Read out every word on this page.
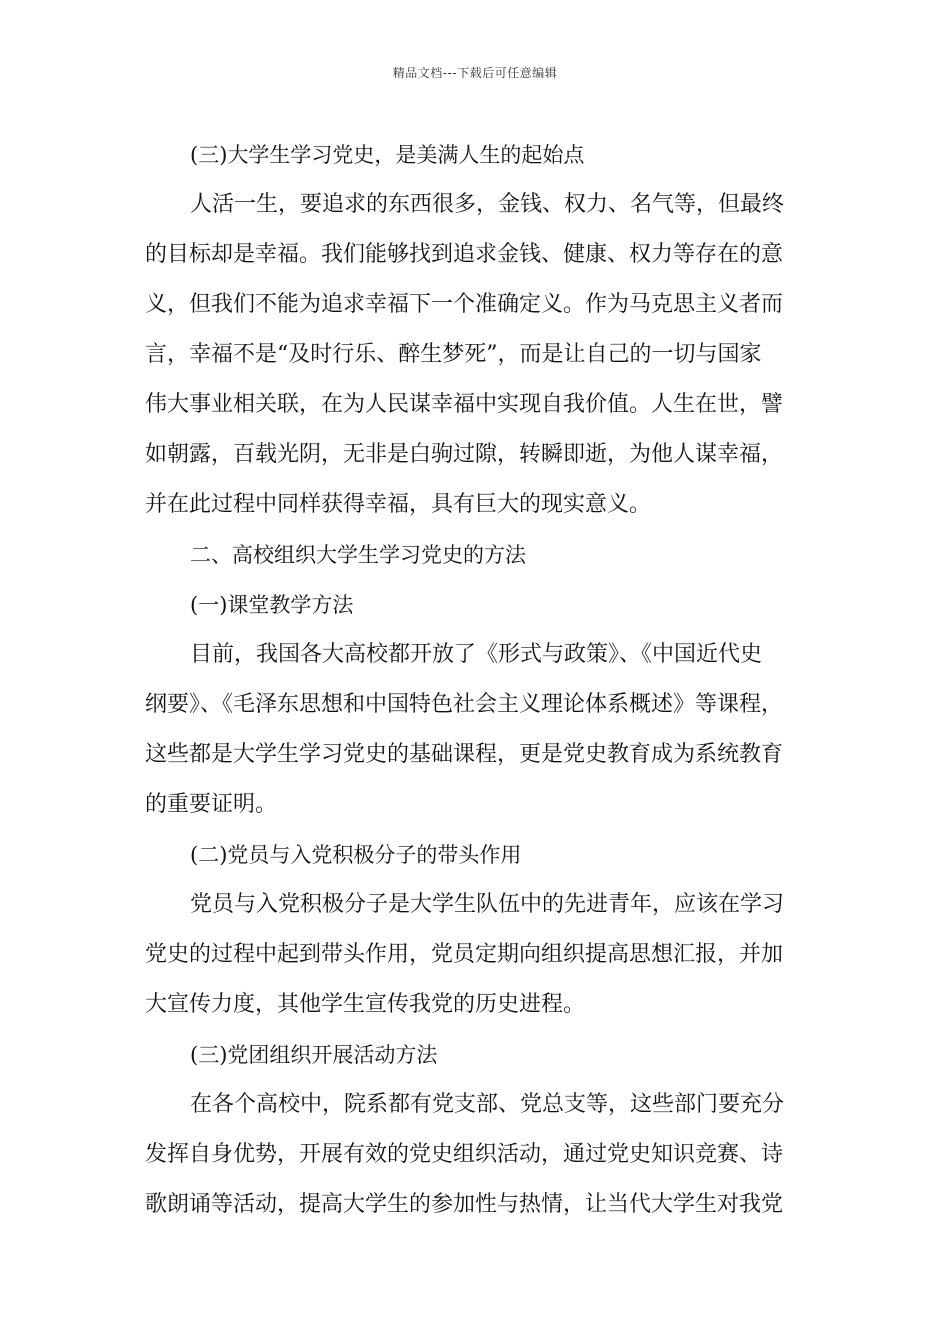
精品文档---下载后可任意编辑
(三)大学生学习党史，是美满人生的起始点
人活一生，要追求的东西很多，金钱、权力、名气等，但最终
的目标却是幸福。我们能够找到追求金钱、健康、权力等存在的意
义，但我们不能为追求幸福下一个准确定义。作为马克思主义者而
言，幸福不是“及时行乐、醉生梦死”，而是让自己的一切与国家
伟大事业相关联，在为人民谋幸福中实现自我价值。人生在世，譬
如朝露，百载光阴，无非是白驹过隙，转瞬即逝，为他人谋幸福，
并在此过程中同样获得幸福，具有巨大的现实意义。
二、高校组织大学生学习党史的方法
(一)课堂教学方法
目前，我国各大高校都开放了《形式与政策》、《中国近代史
纲要》、《毛泽东思想和中国特色社会主义理论体系概述》等课程，
这些都是大学生学习党史的基础课程，更是党史教育成为系统教育
的重要证明。
(二)党员与入党积极分子的带头作用
党员与入党积极分子是大学生队伍中的先进青年，应该在学习
党史的过程中起到带头作用，党员定期向组织提高思想汇报，并加
大宣传力度，其他学生宣传我党的历史进程。
(三)党团组织开展活动方法
在各个高校中，院系都有党支部、党总支等，这些部门要充分
发挥自身优势，开展有效的党史组织活动，通过党史知识竞赛、诗
歌朗诵等活动，提高大学生的参加性与热情，让当代大学生对我党
